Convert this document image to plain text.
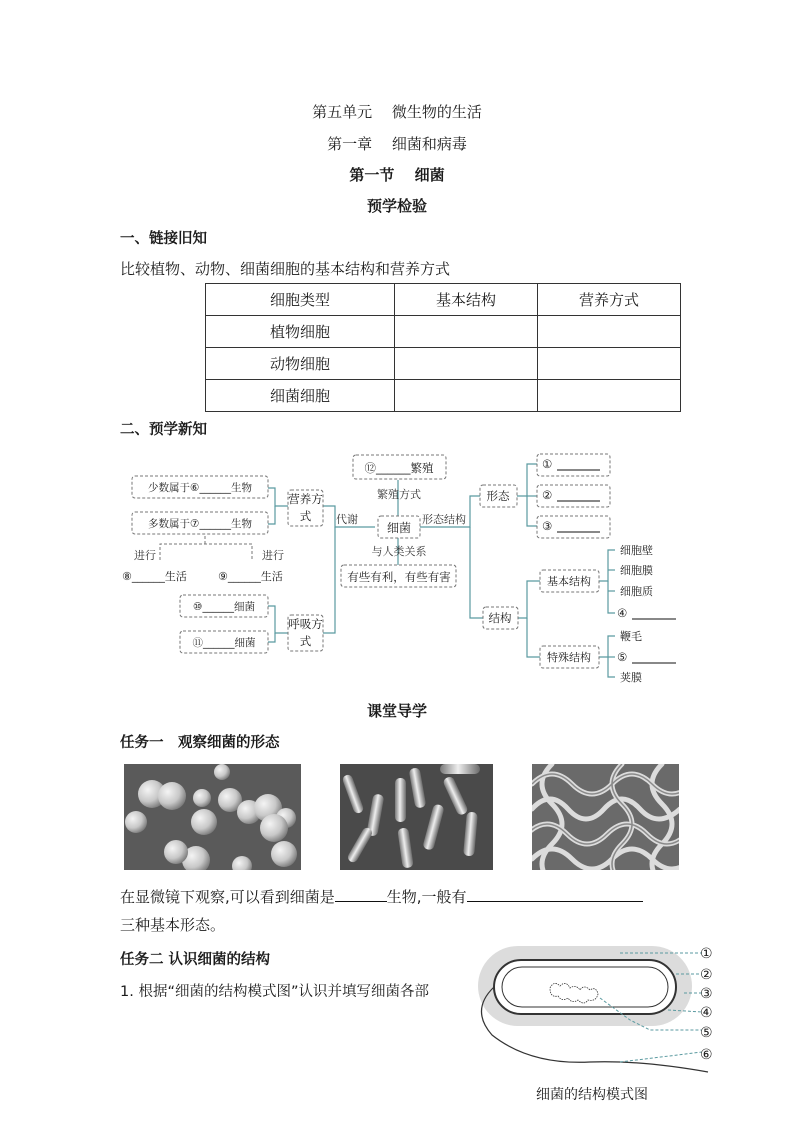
第五单元　 微生物的生活
第一章　 细菌和病毒
第一节　 细菌
预学检验
一、链接旧知
比较植物、动物、细菌细胞的基本结构和营养方式
细胞类型	基本结构	营养方式
植物细胞		
动物细胞		
细菌细胞		
二、预学新知
进行	进行
⑫______繁殖
繁殖方式
代谢	形态结构
细菌
与人类关系
有些有利，有些有害
营养方式
呼吸方式
少数属于⑥______生物
多数属于⑦______生物
⑧______生活	⑨______生活
⑩______细菌
⑪______细菌
形态
结构
①
②
③
基本结构
特殊结构
细胞壁
细胞膜
细胞质
④
鞭毛
⑤
荚膜
课堂导学
任务一　观察细菌的形态
在显微镜下观察,可以看到细菌是	生物,一般有
三种基本形态。
任务二 认识细菌的结构
1. 根据“细菌的结构模式图”认识并填写细菌各部
①
②
③
④
⑤
⑥
细菌的结构模式图
